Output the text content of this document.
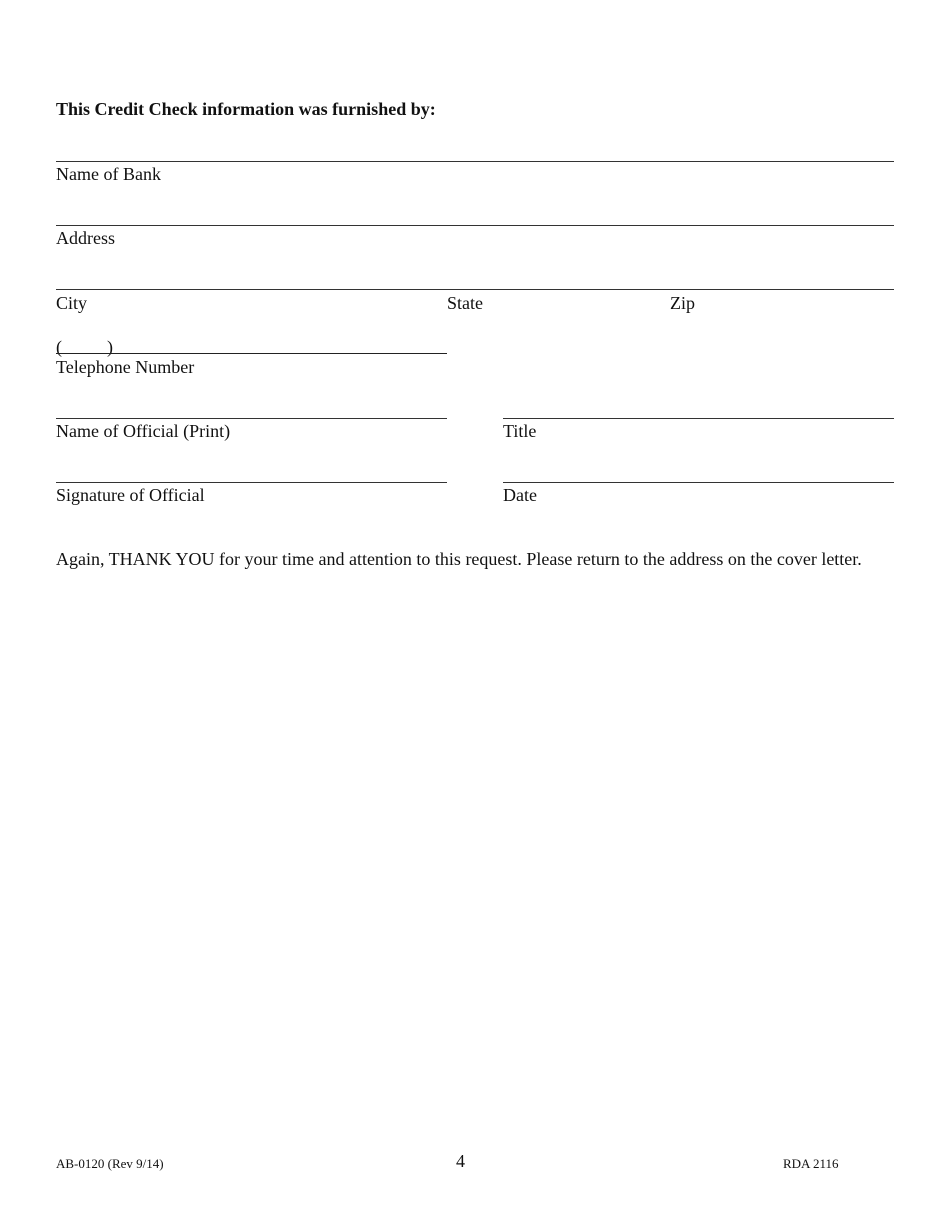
This Credit Check information was furnished by:
Name of Bank
Address
City	State	Zip
(          )
Telephone Number
Name of Official (Print)	Title
Signature of Official	Date
Again, THANK YOU for your time and attention to this request. Please return to the address on the cover letter.
AB-0120 (Rev 9/14)	4	RDA 2116
